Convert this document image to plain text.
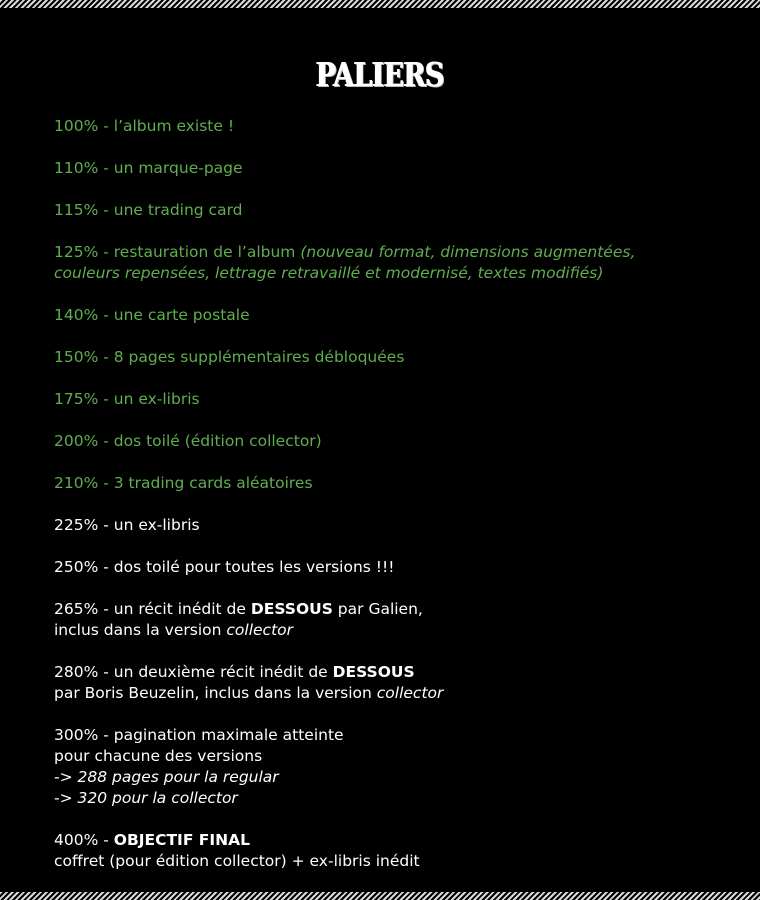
PALIERS
100% - l’album existe !
110% - un marque-page
115% - une trading card
125% - restauration de l’album (nouveau format, dimensions augmentées,
couleurs repensées, lettrage retravaillé et modernisé, textes modifiés)
140% - une carte postale
150% - 8 pages supplémentaires débloquées
175% - un ex-libris
200% - dos toilé (édition collector)
210% - 3 trading cards aléatoires
225% - un ex-libris
250% - dos toilé pour toutes les versions !!!
265% - un récit inédit de DESSOUS par Galien,
inclus dans la version collector
280% - un deuxième récit inédit de DESSOUS
par Boris Beuzelin, inclus dans la version collector
300% - pagination maximale atteinte
pour chacune des versions
-> 288 pages pour la regular
-> 320 pour la collector
400% - OBJECTIF FINAL
coffret (pour édition collector) + ex-libris inédit
